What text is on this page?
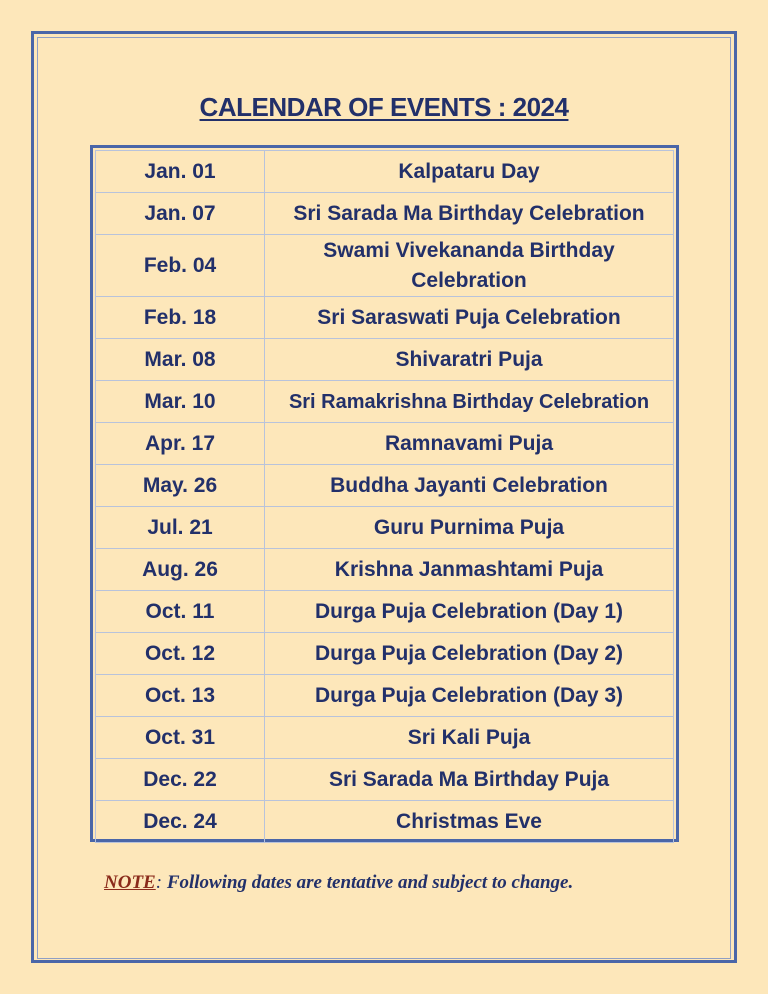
CALENDAR OF EVENTS : 2024
Jan. 01	Kalpataru Day
Jan. 07	Sri Sarada Ma Birthday Celebration
Feb. 04	Swami Vivekananda Birthday Celebration
Feb. 18	Sri Saraswati Puja Celebration
Mar. 08	Shivaratri Puja
Mar. 10	Sri Ramakrishna Birthday Celebration
Apr. 17	Ramnavami Puja
May. 26	Buddha Jayanti Celebration
Jul. 21	Guru Purnima Puja
Aug. 26	Krishna Janmashtami Puja
Oct. 11	Durga Puja Celebration (Day 1)
Oct. 12	Durga Puja Celebration (Day 2)
Oct. 13	Durga Puja Celebration (Day 3)
Oct. 31	Sri Kali Puja
Dec. 22	Sri Sarada Ma Birthday Puja
Dec. 24	Christmas Eve
NOTE: Following dates are tentative and subject to change.
